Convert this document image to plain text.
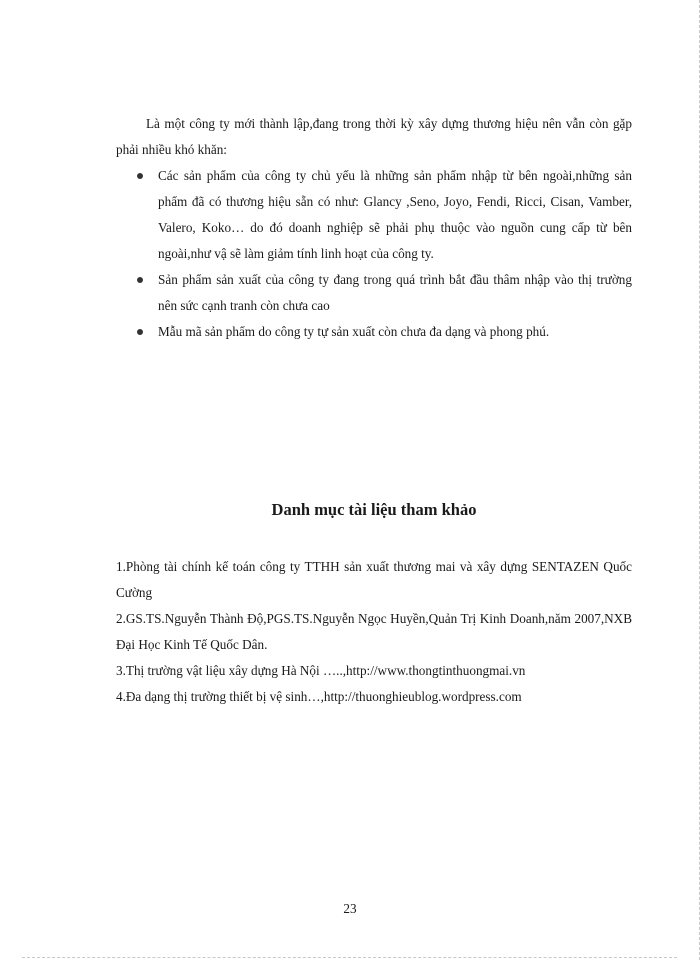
Là một công ty mới thành lập,đang trong thời kỳ xây dựng thương hiệu nên vẫn còn gặp phải nhiều khó khăn:

Các sản phẩm của công ty chủ yếu là những sản phẩm nhập từ bên ngoài,những sản phẩm đã có thương hiệu sẵn có như: Glancy ,Seno, Joyo, Fendi, Ricci, Cisan, Vamber, Valero, Koko… do đó doanh nghiệp sẽ phải phụ thuộc vào nguồn cung cấp từ bên ngoài,như vậ sẽ làm giảm tính linh hoạt của công ty.
Sản phẩm sản xuất của công ty đang trong quá trình bắt đầu thâm nhập vào thị trường nên sức cạnh tranh còn chưa cao
Mẫu mã sản phẩm do công ty tự sản xuất còn chưa đa dạng và phong phú.
Danh mục tài liệu tham khảo

1.Phòng tài chính kế toán công ty TTHH sản xuất thương mai và xây dựng SENTAZEN Quốc Cường

2.GS.TS.Nguyễn Thành Độ,PGS.TS.Nguyễn Ngọc Huyền,Quản Trị Kinh Doanh,năm 2007,NXB Đại Học Kinh Tế Quốc Dân.

3.Thị trường vật liệu xây dựng Hà Nội …..,http://www.thongtinthuongmai.vn

4.Đa dạng thị trường thiết bị vệ sinh…,http://thuonghieublog.wordpress.com

23
